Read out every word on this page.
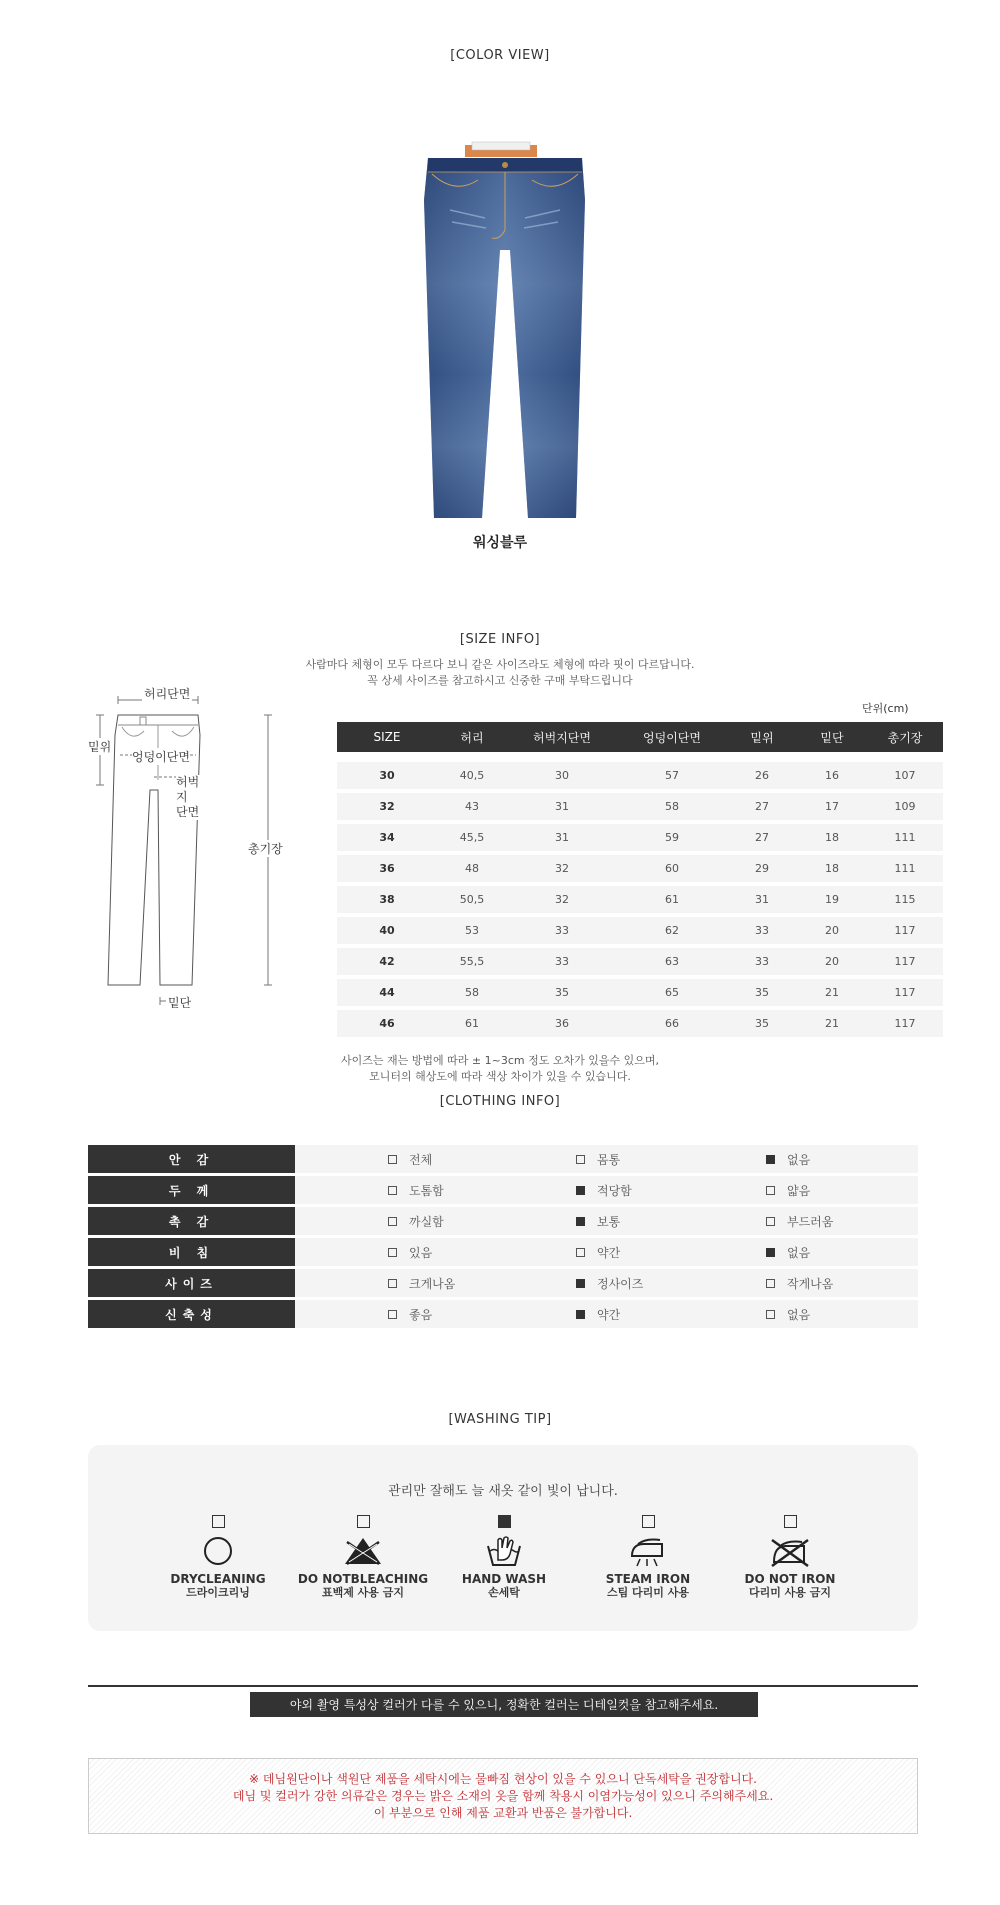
[COLOR VIEW]
워싱블루
[SIZE INFO]
사람마다 체형이 모두 다르다 보니 같은 사이즈라도 체형에 따라 핏이 다르답니다.
꼭 상세 사이즈를 참고하시고 신중한 구매 부탁드립니다
허리단면
밑위
엉덩이단면
허벅지
단면
총기장
밑단
단위(cm)
SIZE	허리	허벅지단면	엉덩이단면	밑위	밑단	총기장
30	40,5	30	57	26	16	107
32	43	31	58	27	17	109
34	45,5	31	59	27	18	111
36	48	32	60	29	18	111
38	50,5	32	61	31	19	115
40	53	33	62	33	20	117
42	55,5	33	63	33	20	117
44	58	35	65	35	21	117
46	61	36	66	35	21	117
사이즈는 재는 방법에 따라 ± 1~3cm 정도 오차가 있을수 있으며,
모니터의 해상도에 따라 색상 차이가 있을 수 있습니다.
[CLOTHING INFO]
안 감	전체	몸통	없음
두 께	도톰함	적당함	얇음
촉 감	까실함	보통	부드러움
비 침	있음	약간	없음
사이즈	크게나옴	정사이즈	작게나옴
신축성	좋음	약간	없음
[WASHING TIP]
관리만 잘해도 늘 새옷 같이 빛이 납니다.
DRYCLEANING
드라이크리닝
DO NOTBLEACHING
표백제 사용 금지
HAND WASH
손세탁
STEAM IRON
스팀 다리미 사용
DO NOT IRON
다리미 사용 금지
야외 촬영 특성상 컬러가 다를 수 있으니, 정확한 컬러는 디테일컷을 참고해주세요.
※ 데님원단이나 색원단 제품을 세탁시에는 물빠짐 현상이 있을 수 있으니 단독세탁을 권장합니다.
데님 및 컬러가 강한 의류같은 경우는 밝은 소재의 옷을 함께 착용시 이염가능성이 있으니 주의해주세요.
이 부분으로 인해 제품 교환과 반품은 불가합니다.
